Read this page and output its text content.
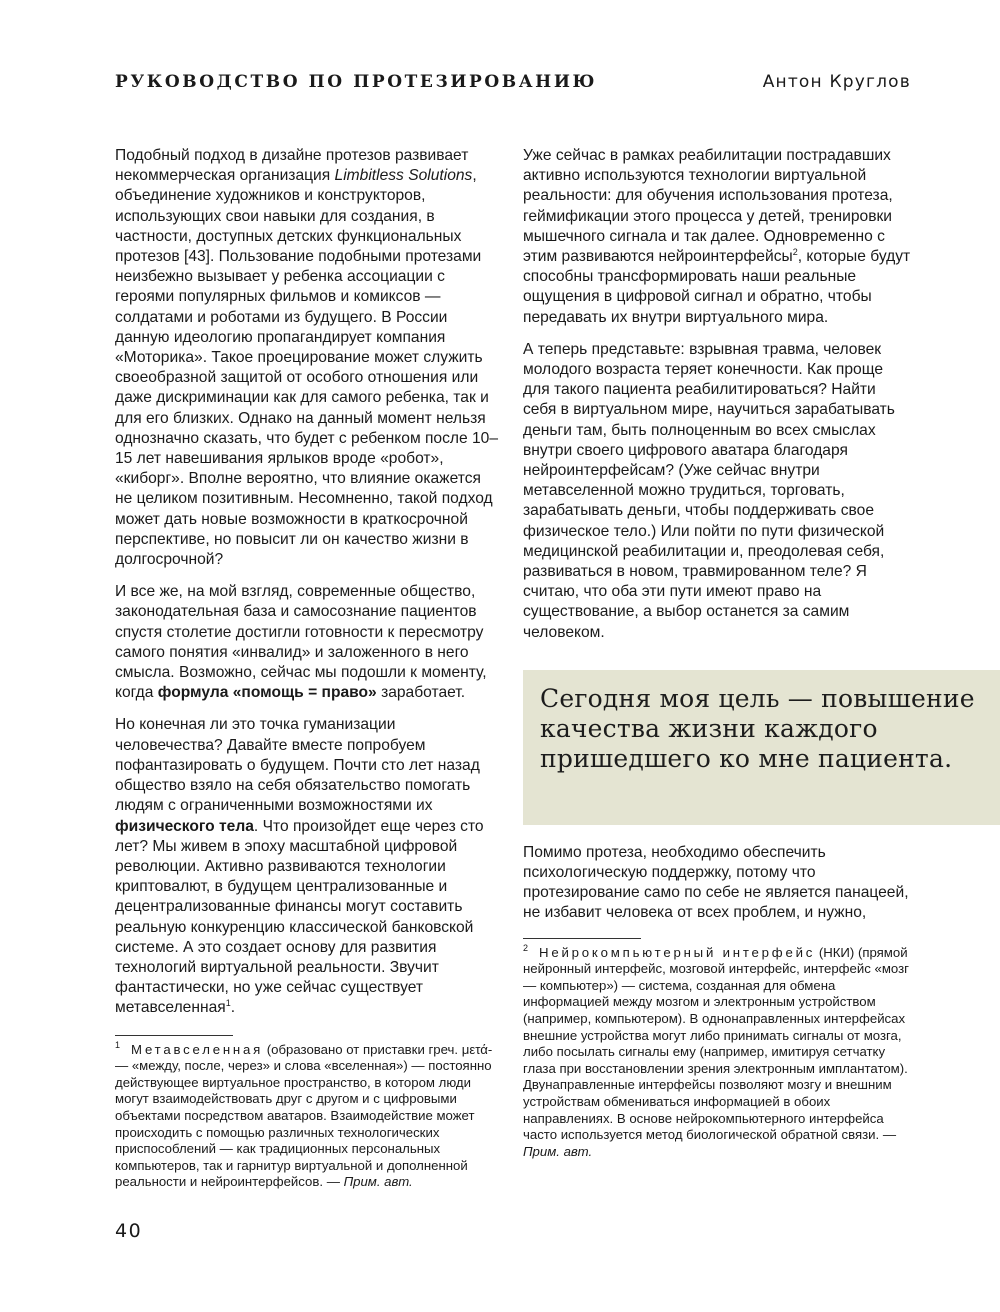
РУКОВОДСТВО ПО ПРОТЕЗИРОВАНИЮ	Антон Круглов

Подобный подход в дизайне протезов развивает некоммерческая организация Limbitless Solutions, объединение художников и конструкторов, использующих свои навыки для создания, в частности, доступных детских функциональных протезов [43]. Пользование подобными протезами неизбежно вызывает у ребенка ассоциации с героями популярных фильмов и комиксов — солдатами и роботами из будущего. В России данную идеологию пропагандирует компания «Моторика». Такое проецирование может служить своеобразной защитой от особого отношения или даже дискриминации как для самого ребенка, так и для его близких. Однако на данный момент нельзя однозначно сказать, что будет с ребенком после 10–15 лет навешивания ярлыков вроде «робот», «киборг». Вполне вероятно, что влияние окажется не целиком позитивным. Несомненно, такой подход может дать новые возможности в краткосрочной перспективе, но повысит ли он качество жизни в долгосрочной?

И все же, на мой взгляд, современные общество, законодательная база и самосознание пациентов спустя столетие достигли готовности к пересмотру самого понятия «инвалид» и заложенного в него смысла. Возможно, сейчас мы подошли к моменту, когда формула «помощь = право» заработает.

Но конечная ли это точка гуманизации человечества? Давайте вместе попробуем пофантазировать о будущем. Почти сто лет назад общество взяло на себя обязательство помогать людям с ограниченными возможностями их физического тела. Что произойдет еще через сто лет? Мы живем в эпоху масштабной цифровой революции. Активно развиваются технологии криптовалют, в будущем централизованные и децентрализованные финансы могут составить реальную конкуренцию классической банковской системе. А это создает основу для развития технологий виртуальной реальности. Звучит фантастически, но уже сейчас существует метавселенная$^1$.

$^1$ Метавселенная (образовано от приставки греч. μετά- — «между, после, через» и слова «вселенная») — постоянно действующее виртуальное пространство, в котором люди могут взаимодействовать друг с другом и с цифровыми объектами посредством аватаров. Взаимодействие может происходить с помощью различных технологических приспособлений — как традиционных персональных компьютеров, так и гарнитур виртуальной и дополненной реальности и нейроинтерфейсов. — Прим. авт.

Уже сейчас в рамках реабилитации пострадавших активно используются технологии виртуальной реальности: для обучения использования протеза, геймификации этого процесса у детей, тренировки мышечного сигнала и так далее. Одновременно с этим развиваются нейроинтерфейсы$^2$, которые будут способны трансформировать наши реальные ощущения в цифровой сигнал и обратно, чтобы передавать их внутри виртуального мира.

А теперь представьте: взрывная травма, человек молодого возраста теряет конечности. Как проще для такого пациента реабилитироваться? Найти себя в виртуальном мире, научиться зарабатывать деньги там, быть полноценным во всех смыслах внутри своего цифрового аватара благодаря нейроинтерфейсам? (Уже сейчас внутри метавселенной можно трудиться, торговать, зарабатывать деньги, чтобы поддерживать свое физическое тело.) Или пойти по пути физической медицинской реабилитации и, преодолевая себя, развиваться в новом, травмированном теле? Я считаю, что оба эти пути имеют право на существование, а выбор останется за самим человеком.

Помимо протеза, необходимо обеспечить психологическую поддержку, потому что протезирование само по себе не является панацеей, не избавит человека от всех проблем, и нужно,

$^2$ Нейрокомпьютерный интерфейс (НКИ) (прямой нейронный интерфейс, мозговой интерфейс, интерфейс «мозг — компьютер») — система, созданная для обмена информацией между мозгом и электронным устройством (например, компьютером). В однонаправленных интерфейсах внешние устройства могут либо принимать сигналы от мозга, либо посылать сигналы ему (например, имитируя сетчатку глаза при восстановлении зрения электронным имплантатом). Двунаправленные интерфейсы позволяют мозгу и внешним устройствам обмениваться информацией в обоих направлениях. В основе нейрокомпьютерного интерфейса часто используется метод биологической обратной связи. — Прим. авт.
Сегодня моя цель — повышение качества жизни каждого пришедшего ко мне пациента.
40
